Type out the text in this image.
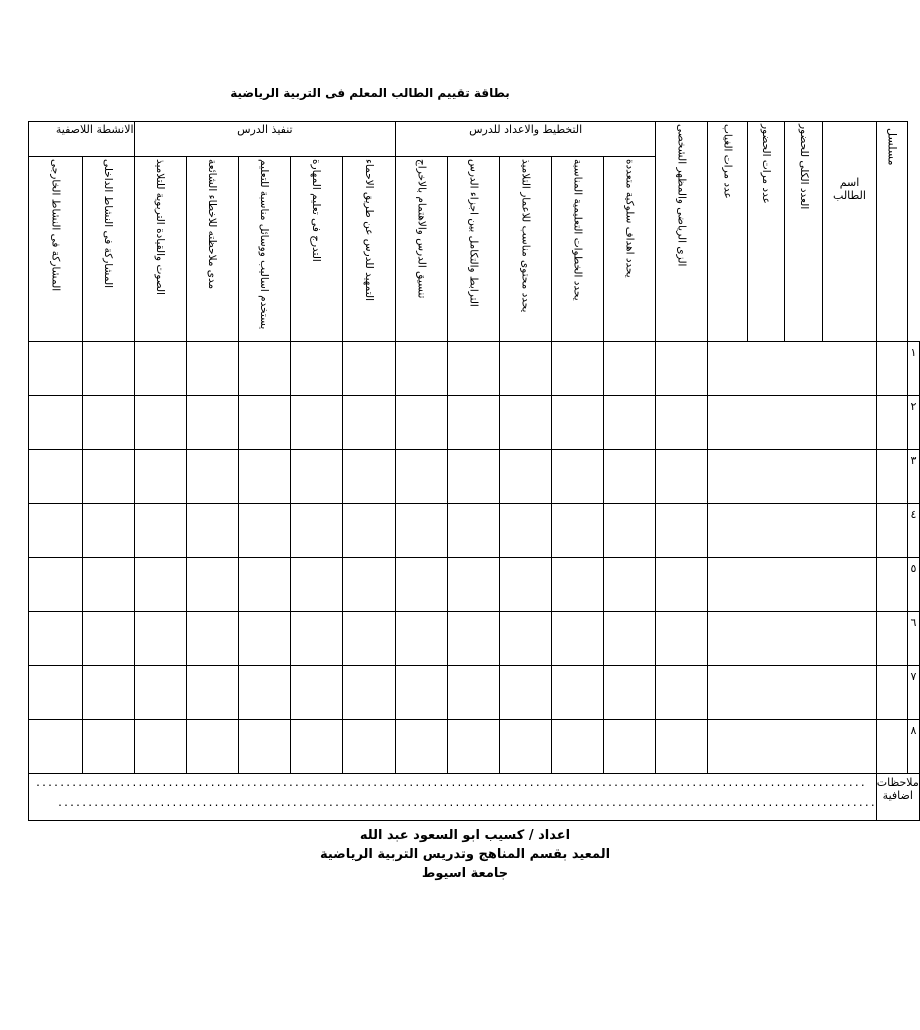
بطاقة تقييم الطالب المعلم فى التربية الرياضية
الانشطة اللاصفية		تنفيذ الدرس					التخطيط والاعداد للدرس					الزى الرياضى والمظهر الشخصى	عدد مرات الغياب	عدد مرات الحضور	العدد الكلى للحضور	اسم الطالب	مسلسل	

المشاركة فى النشاط الخارجى	المشاركة فى النشاط الداخلى	الصوت والقيادة التربوية للتلاميذ	مدى ملاحظته للاخطاء الشائعة	يستخدم اساليب ووسائل مناسبة للتعليم	التدرج فى تعليم المهارة	التمهيد للدرس عن طريق الاحماء	تنسيق الدرس والاهتمام بالاخراج	الترابط والتكامل بين اجزاء الدرس	يحدد محتوى مناسب للاعمار التلاميذ	يحدد الخطوات التعليمية المناسبة	يحدد اهداف سلوكية متعددة							

																		١
																		٢
																		٣
																		٤
																		٥
																		٦
																		٧
																		٨

..........................................................................................................................................
........................................................................................................................................																	ملاحظات اضافية	
اعداد / كسيب ابو السعود عبد الله
المعيد بقسم المناهج وتدريس التربية الرياضية
جامعة اسيوط
